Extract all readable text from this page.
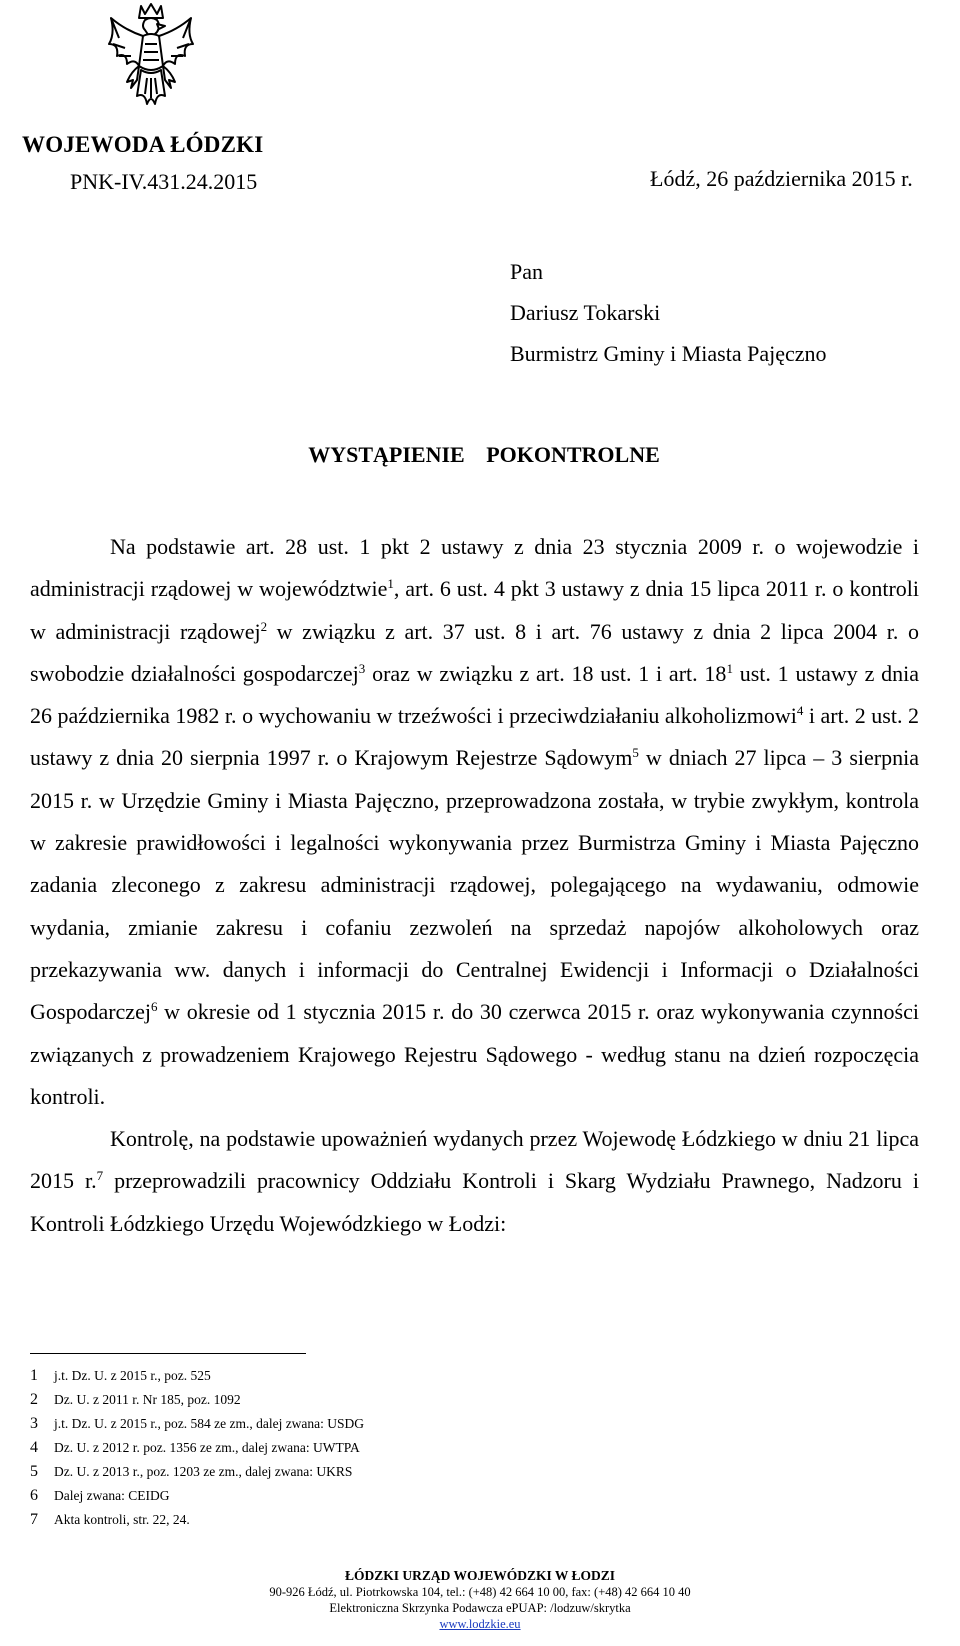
WOJEWODA ŁÓDZKI
PNK-IV.431.24.2015	Łódź, 26 października 2015 r.
Pan
Dariusz Tokarski
Burmistrz Gminy i Miasta Pajęczno
WYSTĄPIENIE POKONTROLNE

Na podstawie art. 28 ust. 1 pkt 2 ustawy z dnia 23 stycznia 2009 r. o wojewodzie i administracji rządowej w województwie$^1$, art. 6 ust. 4 pkt 3 ustawy z dnia 15 lipca 2011 r. o kontroli w administracji rządowej$^2$ w związku z art. 37 ust. 8 i art. 76 ustawy z dnia 2 lipca 2004 r. o swobodzie działalności gospodarczej$^3$ oraz w związku z art. 18 ust. 1 i art. $18^1$ ust. 1 ustawy z dnia 26 października 1982 r. o wychowaniu w trzeźwości i przeciwdziałaniu alkoholizmowi$^4$ i art. 2 ust. 2 ustawy z dnia 20 sierpnia 1997 r. o Krajowym Rejestrze Sądowym$^5$ w dniach 27 lipca – 3 sierpnia 2015 r. w Urzędzie Gminy i Miasta Pajęczno, przeprowadzona została, w trybie zwykłym, kontrola w zakresie prawidłowości i legalności wykonywania przez Burmistrza Gminy i Miasta Pajęczno zadania zleconego z zakresu administracji rządowej, polegającego na wydawaniu, odmowie wydania, zmianie zakresu i cofaniu zezwoleń na sprzedaż napojów alkoholowych oraz przekazywania ww. danych i informacji do Centralnej Ewidencji i Informacji o Działalności Gospodarczej$^6$ w okresie od 1 stycznia 2015 r. do 30 czerwca 2015 r. oraz wykonywania czynności związanych z prowadzeniem Krajowego Rejestru Sądowego - według stanu na dzień rozpoczęcia kontroli.

Kontrolę, na podstawie upoważnień wydanych przez Wojewodę Łódzkiego w dniu 21 lipca 2015 r.$^7$ przeprowadzili pracownicy Oddziału Kontroli i Skarg Wydziału Prawnego, Nadzoru i Kontroli Łódzkiego Urzędu Wojewódzkiego w Łodzi:

1 j.t. Dz. U. z 2015 r., poz. 525
2 Dz. U. z 2011 r. Nr 185, poz. 1092
3 j.t. Dz. U. z 2015 r., poz. 584 ze zm., dalej zwana: USDG
4 Dz. U. z 2012 r. poz. 1356 ze zm., dalej zwana: UWTPA
5 Dz. U. z 2013 r., poz. 1203 ze zm., dalej zwana: UKRS
6 Dalej zwana: CEIDG
7 Akta kontroli, str. 22, 24.
ŁÓDZKI URZĄD WOJEWÓDZKI W ŁODZI
90-926 Łódź, ul. Piotrkowska 104, tel.: (+48) 42 664 10 00, fax: (+48) 42 664 10 40
Elektroniczna Skrzynka Podawcza ePUAP: /lodzuw/skrytka
www.lodzkie.eu
